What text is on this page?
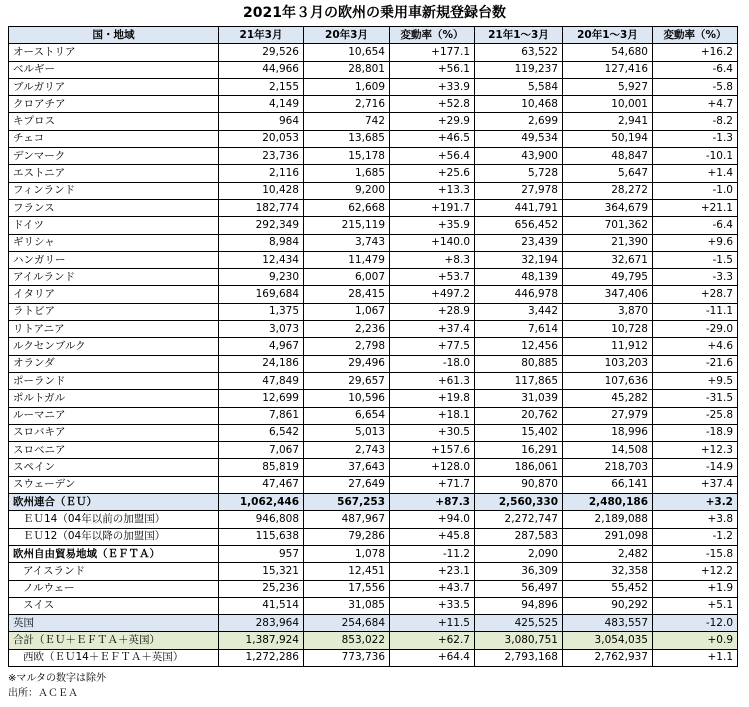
2021年３月の欧州の乗用車新規登録台数
国・地域	21年3月	20年3月	変動率（%）	21年1～3月	20年1～3月	変動率（%）
オーストリア	29,526	10,654	+177.1	63,522	54,680	+16.2
ベルギー	44,966	28,801	+56.1	119,237	127,416	-6.4
ブルガリア	2,155	1,609	+33.9	5,584	5,927	-5.8
クロアチア	4,149	2,716	+52.8	10,468	10,001	+4.7
キプロス	964	742	+29.9	2,699	2,941	-8.2
チェコ	20,053	13,685	+46.5	49,534	50,194	-1.3
デンマーク	23,736	15,178	+56.4	43,900	48,847	-10.1
エストニア	2,116	1,685	+25.6	5,728	5,647	+1.4
フィンランド	10,428	9,200	+13.3	27,978	28,272	-1.0
フランス	182,774	62,668	+191.7	441,791	364,679	+21.1
ドイツ	292,349	215,119	+35.9	656,452	701,362	-6.4
ギリシャ	8,984	3,743	+140.0	23,439	21,390	+9.6
ハンガリー	12,434	11,479	+8.3	32,194	32,671	-1.5
アイルランド	9,230	6,007	+53.7	48,139	49,795	-3.3
イタリア	169,684	28,415	+497.2	446,978	347,406	+28.7
ラトビア	1,375	1,067	+28.9	3,442	3,870	-11.1
リトアニア	3,073	2,236	+37.4	7,614	10,728	-29.0
ルクセンブルク	4,967	2,798	+77.5	12,456	11,912	+4.6
オランダ	24,186	29,496	-18.0	80,885	103,203	-21.6
ポーランド	47,849	29,657	+61.3	117,865	107,636	+9.5
ポルトガル	12,699	10,596	+19.8	31,039	45,282	-31.5
ルーマニア	7,861	6,654	+18.1	20,762	27,979	-25.8
スロバキア	6,542	5,013	+30.5	15,402	18,996	-18.9
スロベニア	7,067	2,743	+157.6	16,291	14,508	+12.3
スペイン	85,819	37,643	+128.0	186,061	218,703	-14.9
スウェーデン	47,467	27,649	+71.7	90,870	66,141	+37.4
欧州連合（ＥＵ）	1,062,446	567,253	+87.3	2,560,330	2,480,186	+3.2
ＥＵ14（04年以前の加盟国）	946,808	487,967	+94.0	2,272,747	2,189,088	+3.8
ＥＵ12（04年以降の加盟国）	115,638	79,286	+45.8	287,583	291,098	-1.2
欧州自由貿易地域（ＥＦＴＡ）	957	1,078	-11.2	2,090	2,482	-15.8
アイスランド	15,321	12,451	+23.1	36,309	32,358	+12.2
ノルウェー	25,236	17,556	+43.7	56,497	55,452	+1.9
スイス	41,514	31,085	+33.5	94,896	90,292	+5.1
英国	283,964	254,684	+11.5	425,525	483,557	-12.0
合計（ＥＵ＋ＥＦＴＡ＋英国）	1,387,924	853,022	+62.7	3,080,751	3,054,035	+0.9
西欧（ＥＵ14＋ＥＦＴＡ＋英国）	1,272,286	773,736	+64.4	2,793,168	2,762,937	+1.1
※マルタの数字は除外
出所：ＡＣＥＡ
